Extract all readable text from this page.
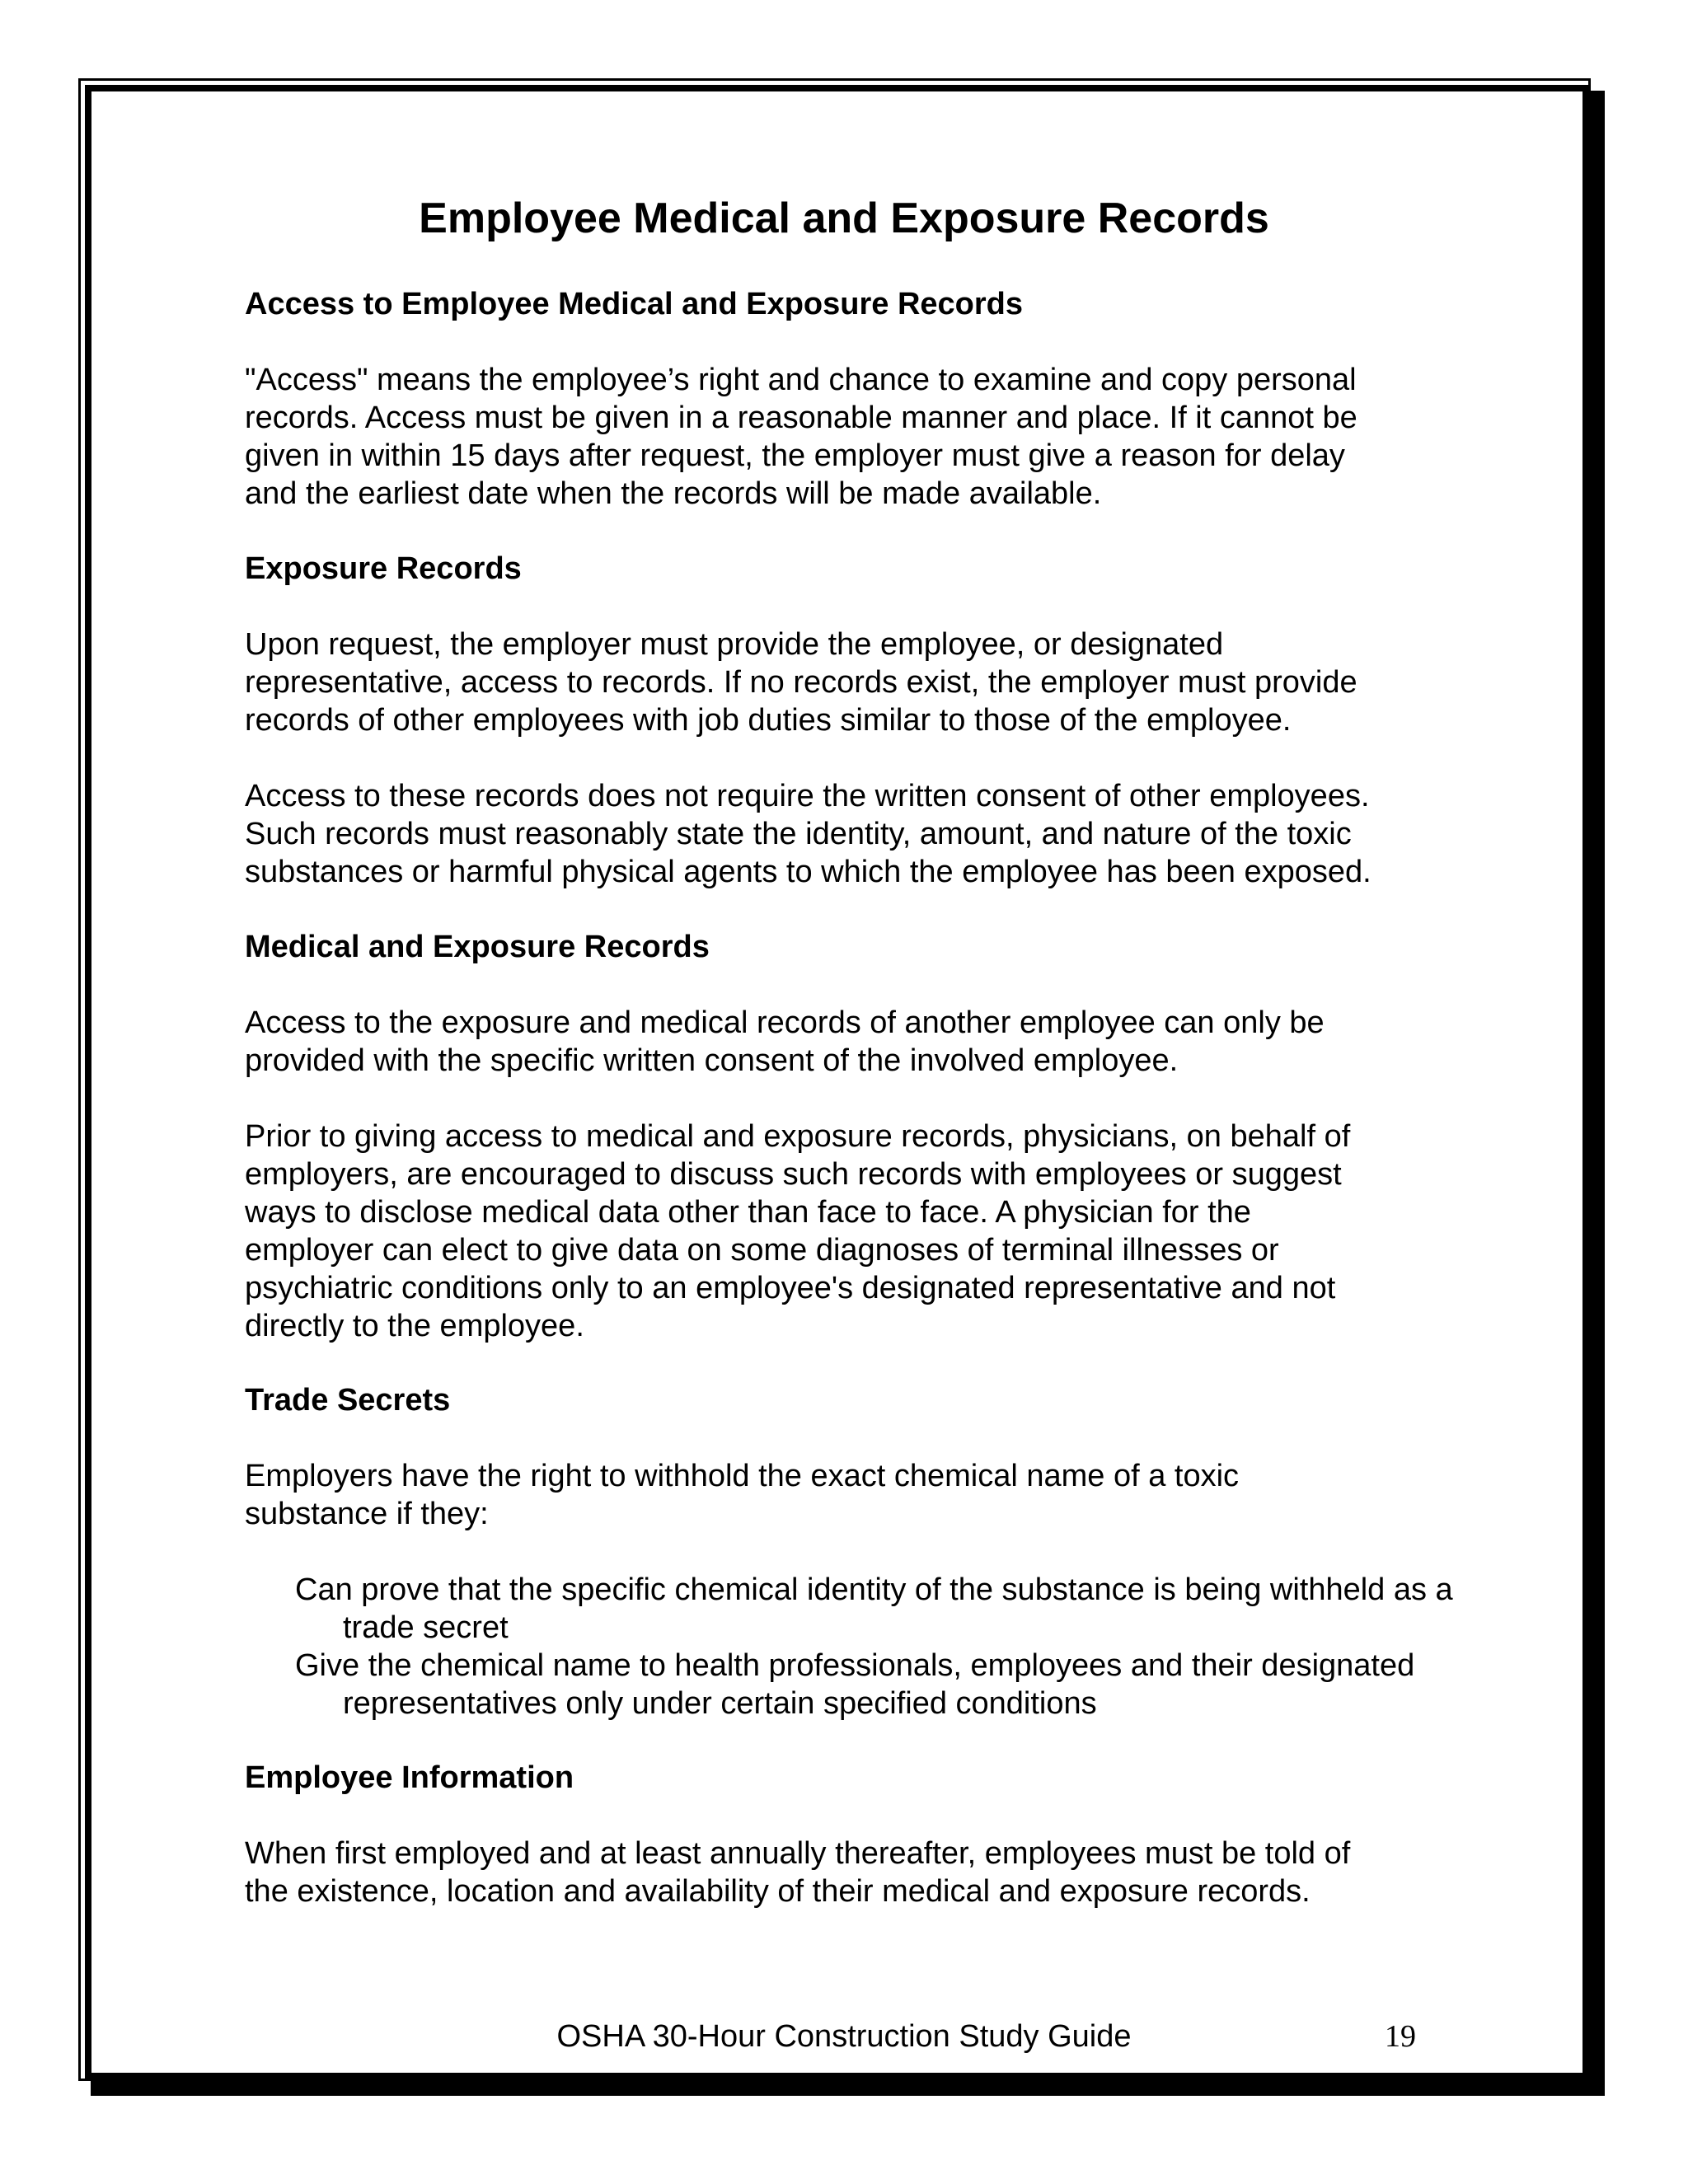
Employee Medical and Exposure Records
Access to Employee Medical and Exposure Records
"Access" means the employee’s right and chance to examine and copy personal
records. Access must be given in a reasonable manner and place. If it cannot be
given in within 15 days after request, the employer must give a reason for delay
and the earliest date when the records will be made available.
Exposure Records
Upon request, the employer must provide the employee, or designated
representative, access to records. If no records exist, the employer must provide
records of other employees with job duties similar to those of the employee.
Access to these records does not require the written consent of other employees.
Such records must reasonably state the identity, amount, and nature of the toxic
substances or harmful physical agents to which the employee has been exposed.
Medical and Exposure Records
Access to the exposure and medical records of another employee can only be
provided with the specific written consent of the involved employee.
Prior to giving access to medical and exposure records, physicians, on behalf of
employers, are encouraged to discuss such records with employees or suggest
ways to disclose medical data other than face to face. A physician for the
employer can elect to give data on some diagnoses of terminal illnesses or
psychiatric conditions only to an employee's designated representative and not
directly to the employee.
Trade Secrets
Employers have the right to withhold the exact chemical name of a toxic
substance if they:
Can prove that the specific chemical identity of the substance is being withheld as a trade secret
Give the chemical name to health professionals, employees and their designated representatives only under certain specified conditions
Employee Information
When first employed and at least annually thereafter, employees must be told of
the existence, location and availability of their medical and exposure records.
OSHA 30-Hour Construction Study Guide	19
